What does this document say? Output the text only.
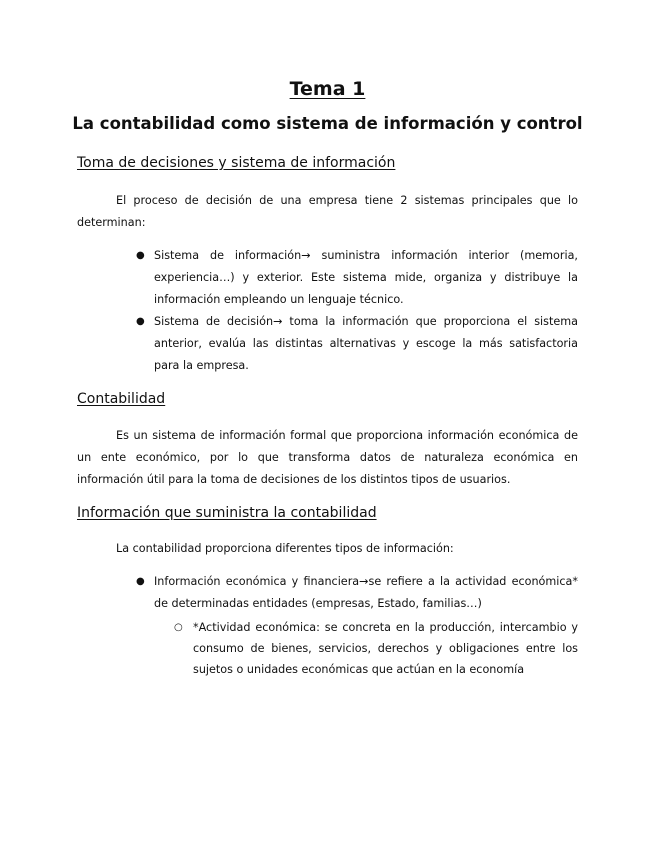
Tema 1
La contabilidad como sistema de información y control
Toma de decisiones y sistema de información

El proceso de decisión de una empresa tiene 2 sistemas principales que lo determinan:

● Sistema de información→ suministra información interior (memoria, experiencia…) y exterior. Este sistema mide, organiza y distribuye la información empleando un lenguaje técnico.
● Sistema de decisión→ toma la información que proporciona el sistema anterior, evalúa las distintas alternativas y escoge la más satisfactoria para la empresa.
Contabilidad

Es un sistema de información formal que proporciona información económica de un ente económico, por lo que transforma datos de naturaleza económica en información útil para la toma de decisiones de los distintos tipos de usuarios.

Información que suministra la contabilidad

La contabilidad proporciona diferentes tipos de información:

● Información económica y financiera→se refiere a la actividad económica* de determinadas entidades (empresas, Estado, familias…)
○ *Actividad económica: se concreta en la producción, intercambio y consumo de bienes, servicios, derechos y obligaciones entre los sujetos o unidades económicas que actúan en la economía
